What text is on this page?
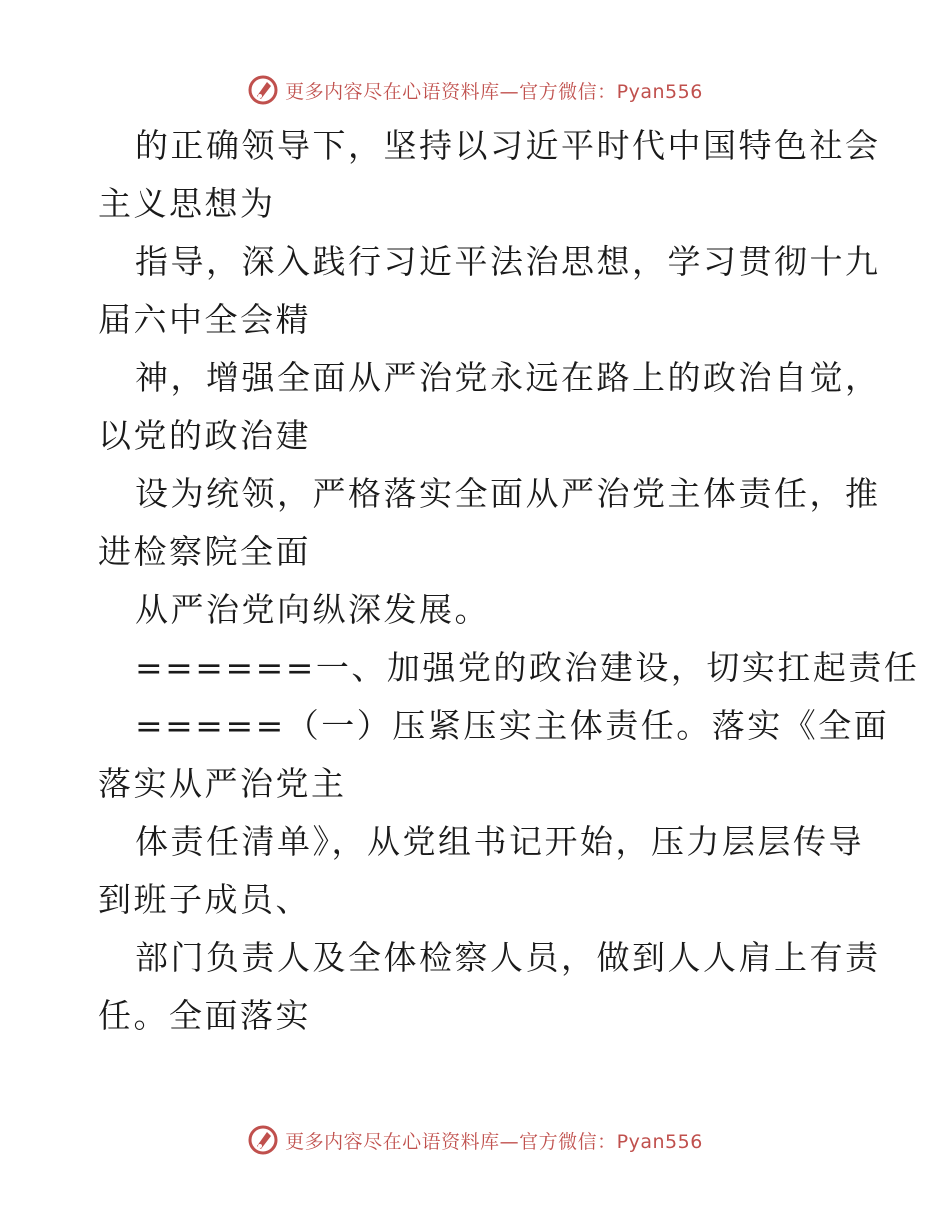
更多内容尽在心语资料库—官方微信：Pyan556
的正确领导下，坚持以习近平时代中国特色社会
主义思想为
指导，深入践行习近平法治思想，学习贯彻十九
届六中全会精
神，增强全面从严治党永远在路上的政治自觉，
以党的政治建
设为统领，严格落实全面从严治党主体责任，推
进检察院全面
从严治党向纵深发展。
======一、加强党的政治建设，切实扛起责任
=====（一）压紧压实主体责任。落实《全面
落实从严治党主
体责任清单》，从党组书记开始，压力层层传导
到班子成员、
部门负责人及全体检察人员，做到人人肩上有责
任。全面落实
更多内容尽在心语资料库—官方微信：Pyan556
